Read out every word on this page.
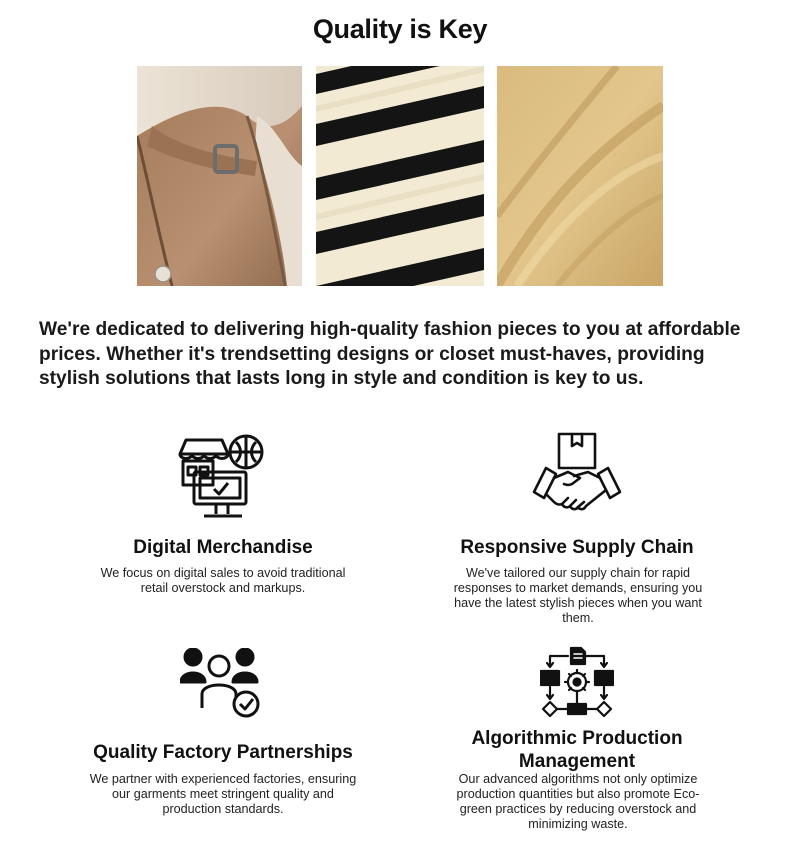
Quality is Key

We're dedicated to delivering high-quality fashion pieces to you at affordable prices. Whether it's trendsetting designs or closet must-haves, providing stylish solutions that lasts long in style and condition is key to us.

Digital Merchandise

We focus on digital sales to avoid traditional retail overstock and markups.

Responsive Supply Chain

We've tailored our supply chain for rapid responses to market demands, ensuring you have the latest stylish pieces when you want them.

Quality Factory Partnerships

We partner with experienced factories, ensuring our garments meet stringent quality and production standards.

Algorithmic Production Management

Our advanced algorithms not only optimize production quantities but also promote Eco-green practices by reducing overstock and minimizing waste.
